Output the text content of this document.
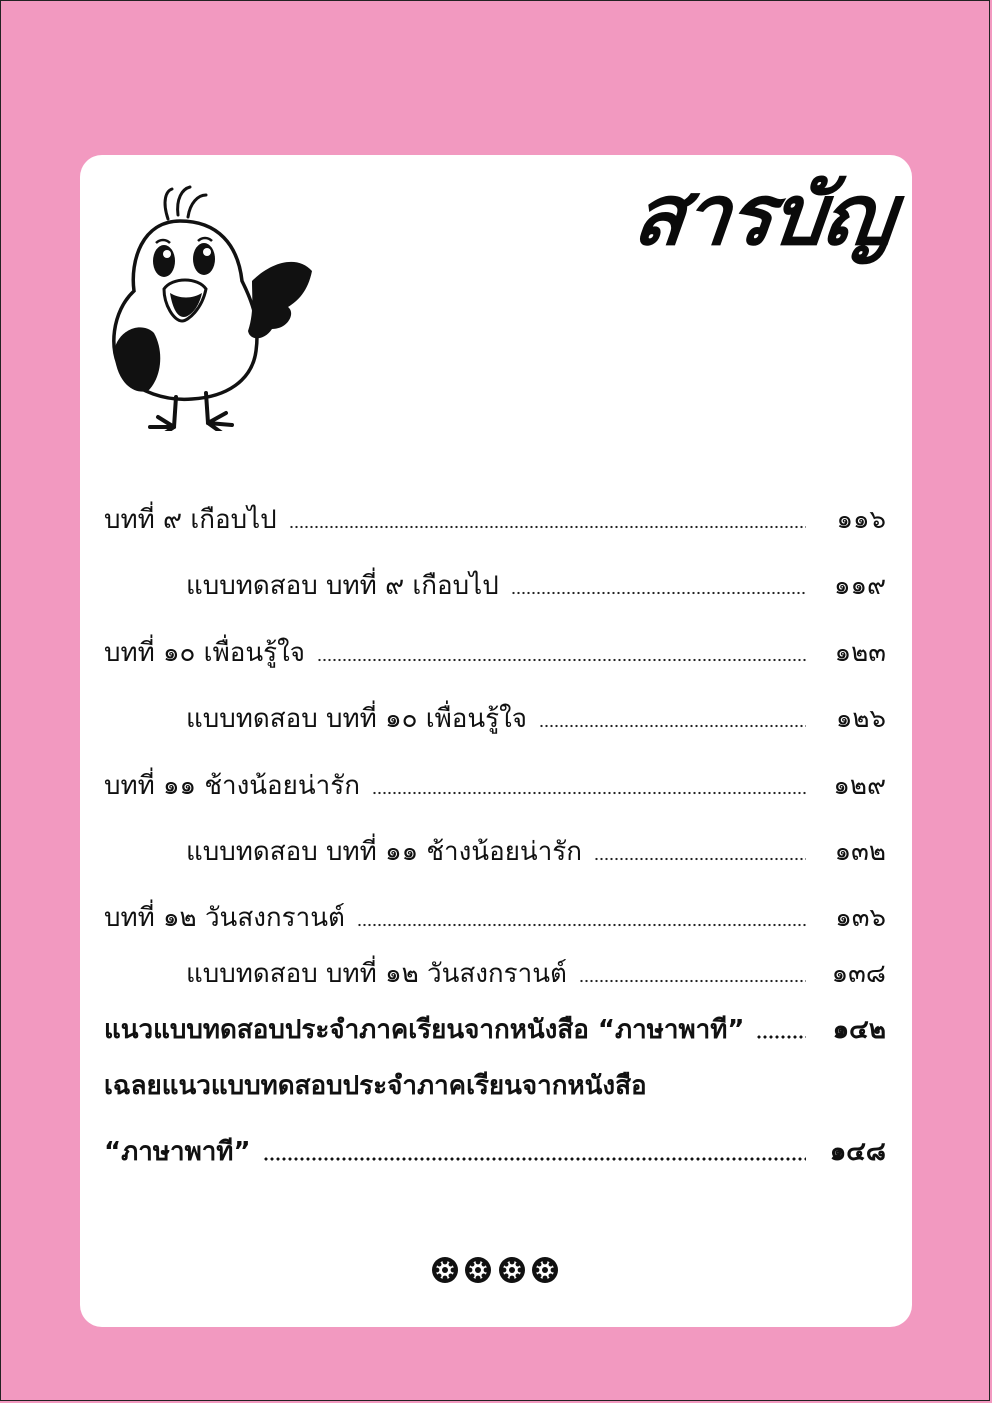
สารบัญ
บทที่ ๙ เกือบไป	๑๑๖
แบบทดสอบ บทที่ ๙ เกือบไป	๑๑๙
บทที่ ๑๐ เพื่อนรู้ใจ	๑๒๓
แบบทดสอบ บทที่ ๑๐ เพื่อนรู้ใจ	๑๒๖
บทที่ ๑๑ ช้างน้อยน่ารัก	๑๒๙
แบบทดสอบ บทที่ ๑๑ ช้างน้อยน่ารัก	๑๓๒
บทที่ ๑๒ วันสงกรานต์	๑๓๖
แบบทดสอบ บทที่ ๑๒ วันสงกรานต์	๑๓๘
แนวแบบทดสอบประจำภาคเรียนจากหนังสือ “ภาษาพาที”	๑๔๒
เฉลยแนวแบบทดสอบประจำภาคเรียนจากหนังสือ
“ภาษาพาที”	๑๔๘
